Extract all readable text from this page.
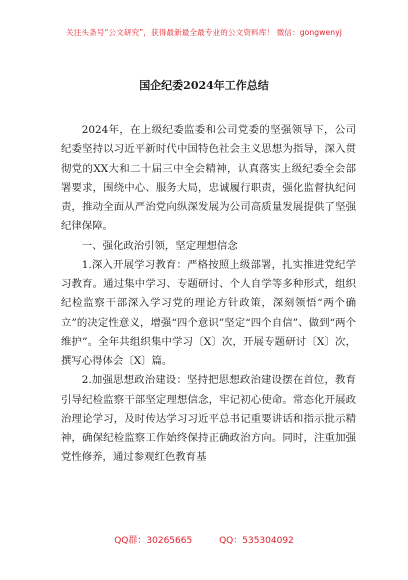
关注头条号“公文研究”，获得最新最全最专业的公文资料库！ 微信：gongwenyj
国企纪委2024年工作总结

2024年，在上级纪委监委和公司党委的坚强领导下，公司纪委坚持以习近平新时代中国特色社会主义思想为指导，深入贯彻党的XX大和二十届三中全会精神，认真落实上级纪委全会部署要求，围绕中心、服务大局，忠诚履行职责，强化监督执纪问责，推动全面从严治党向纵深发展为公司高质量发展提供了坚强纪律保障。

一、强化政治引领，坚定理想信念

1.深入开展学习教育：严格按照上级部署，扎实推进党纪学习教育。通过集中学习、专题研讨、个人自学等多种形式，组织纪检监察干部深入学习党的理论方针政策，深刻领悟“两个确立”的决定性意义，增强“四个意识”坚定“四个自信”、做到“两个维护”。全年共组织集中学习〔X〕次，开展专题研讨〔X〕次，撰写心得体会〔X〕篇。

2.加强思想政治建设：坚持把思想政治建设摆在首位，教育引导纪检监察干部坚定理想信念，牢记初心使命。常态化开展政治理论学习，及时传达学习习近平总书记重要讲话和指示批示精神，确保纪检监察工作始终保持正确政治方向。同时，注重加强党性修养，通过参观红色教育基

QQ群：30265665	QQ：535304092
